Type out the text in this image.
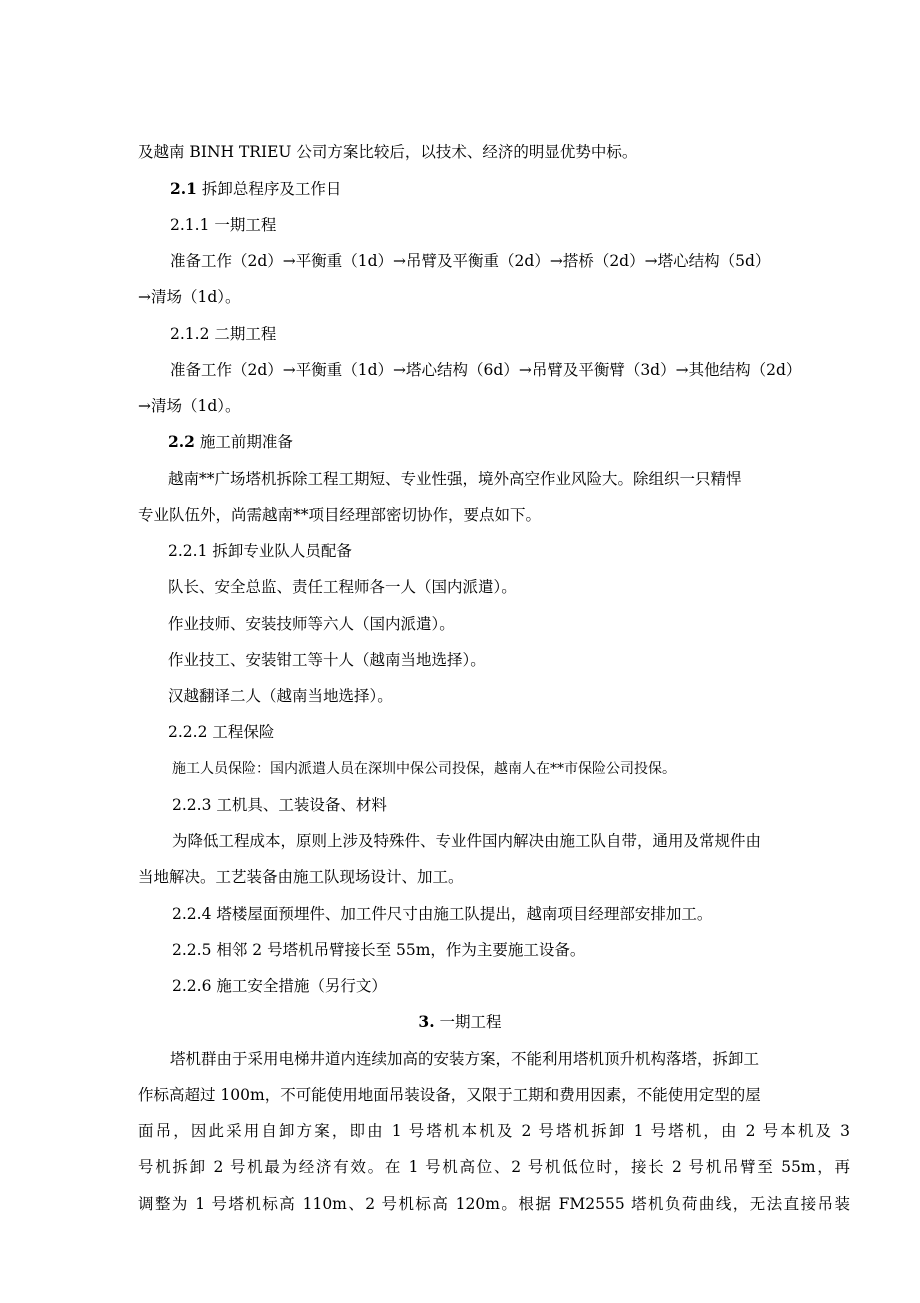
及越南 BINH TRIEU 公司方案比较后，以技术、经济的明显优势中标。

2.1 拆卸总程序及工作日

2.1.1 一期工程

准备工作（2d）→平衡重（1d）→吊臂及平衡重（2d）→搭桥（2d）→塔心结构（5d）

→清场（1d）。

2.1.2 二期工程

准备工作（2d）→平衡重（1d）→塔心结构（6d）→吊臂及平衡臂（3d）→其他结构（2d）

→清场（1d）。

2.2 施工前期准备

越南**广场塔机拆除工程工期短、专业性强，境外高空作业风险大。除组织一只精悍

专业队伍外，尚需越南**项目经理部密切协作，要点如下。

2.2.1 拆卸专业队人员配备

队长、安全总监、责任工程师各一人（国内派遣）。

作业技师、安装技师等六人（国内派遣）。

作业技工、安装钳工等十人（越南当地选择）。

汉越翻译二人（越南当地选择）。

2.2.2 工程保险

施工人员保险：国内派遣人员在深圳中保公司投保，越南人在**市保险公司投保。

2.2.3 工机具、工装设备、材料

为降低工程成本，原则上涉及特殊件、专业件国内解决由施工队自带，通用及常规件由

当地解决。工艺装备由施工队现场设计、加工。

2.2.4 塔楼屋面预埋件、加工件尺寸由施工队提出，越南项目经理部安排加工。

2.2.5 相邻 2 号塔机吊臂接长至 55m，作为主要施工设备。

2.2.6 施工安全措施（另行文）

3. 一期工程

塔机群由于采用电梯井道内连续加高的安装方案，不能利用塔机顶升机构落塔，拆卸工

作标高超过 100m，不可能使用地面吊装设备，又限于工期和费用因素，不能使用定型的屋

面吊，因此采用自卸方案，即由 1 号塔机本机及 2 号塔机拆卸 1 号塔机，由 2 号本机及 3

号机拆卸 2 号机最为经济有效。在 1 号机高位、2 号机低位时，接长 2 号机吊臂至 55m，再

调整为 1 号塔机标高 110m、2 号机标高 120m。根据 FM2555 塔机负荷曲线，无法直接吊装
